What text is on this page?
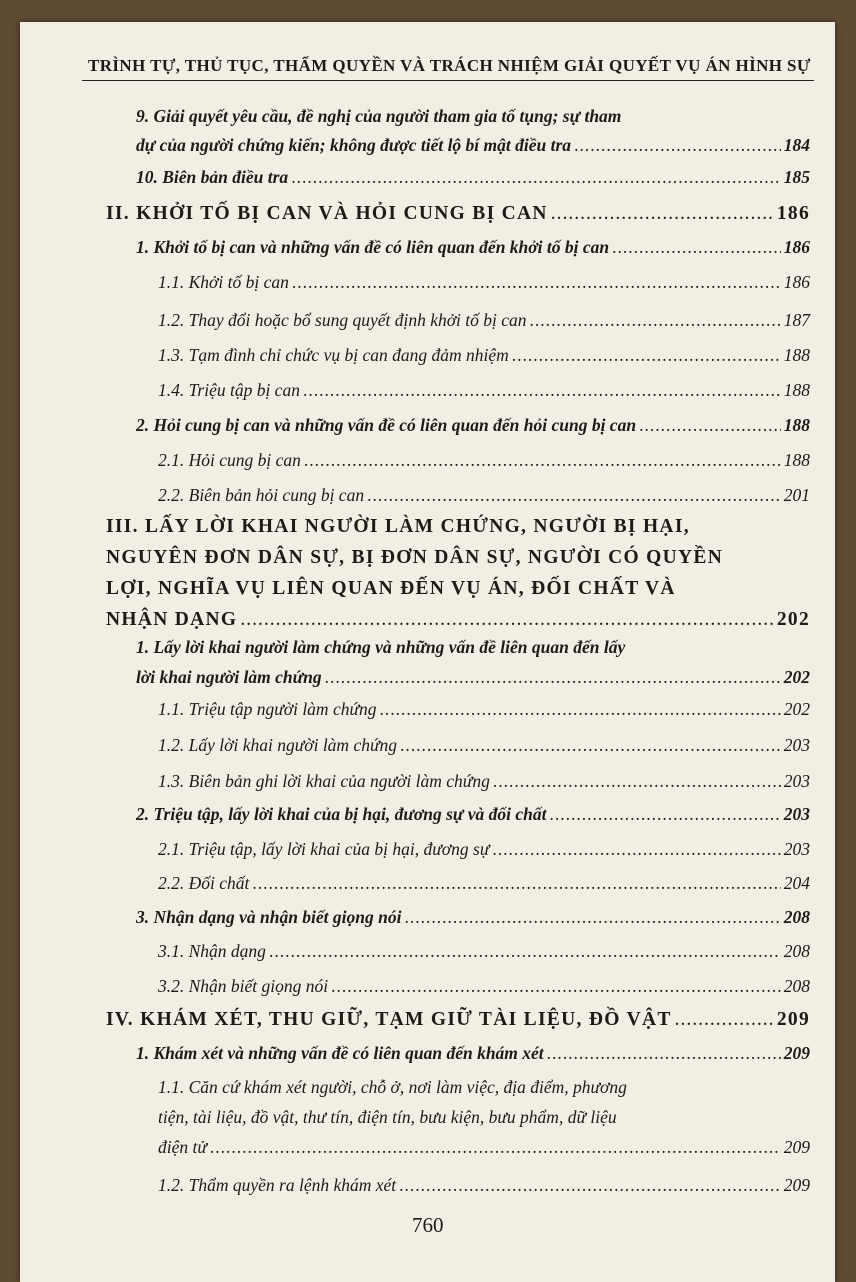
TRÌNH TỰ, THỦ TỤC, THẨM QUYỀN VÀ TRÁCH NHIỆM GIẢI QUYẾT VỤ ÁN HÌNH SỰ
9. Giải quyết yêu cầu, đề nghị của người tham gia tố tụng; sự tham
dự của người chứng kiến; không được tiết lộ bí mật điều tra .....	184
10. Biên bản điều tra .....	185
II. KHỞI TỐ BỊ CAN VÀ HỎI CUNG BỊ CAN .....	186
1. Khởi tố bị can và những vấn đề có liên quan đến khởi tố bị can .....	186
1.1. Khởi tố bị can .....	186
1.2. Thay đổi hoặc bổ sung quyết định khởi tố bị can .....	187
1.3. Tạm đình chỉ chức vụ bị can đang đảm nhiệm .....	188
1.4. Triệu tập bị can .....	188
2. Hỏi cung bị can và những vấn đề có liên quan đến hỏi cung bị can .....	188
2.1. Hỏi cung bị can .....	188
2.2. Biên bản hỏi cung bị can .....	201
III. LẤY LỜI KHAI NGƯỜI LÀM CHỨNG, NGƯỜI BỊ HẠI,
NGUYÊN ĐƠN DÂN SỰ, BỊ ĐƠN DÂN SỰ, NGƯỜI CÓ QUYỀN
LỢI, NGHĨA VỤ LIÊN QUAN ĐẾN VỤ ÁN, ĐỐI CHẤT VÀ
NHẬN DẠNG .....	202
1. Lấy lời khai người làm chứng và những vấn đề liên quan đến lấy
lời khai người làm chứng .....	202
1.1. Triệu tập người làm chứng .....	202
1.2. Lấy lời khai người làm chứng .....	203
1.3. Biên bản ghi lời khai của người làm chứng .....	203
2. Triệu tập, lấy lời khai của bị hại, đương sự và đối chất .....	203
2.1. Triệu tập, lấy lời khai của bị hại, đương sự .....	203
2.2. Đối chất .....	204
3. Nhận dạng và nhận biết giọng nói .....	208
3.1. Nhận dạng .....	208
3.2. Nhận biết giọng nói .....	208
IV. KHÁM XÉT, THU GIỮ, TẠM GIỮ TÀI LIỆU, ĐỒ VẬT .....	209
1. Khám xét và những vấn đề có liên quan đến khám xét .....	209
1.1. Căn cứ khám xét người, chỗ ở, nơi làm việc, địa điểm, phương
tiện, tài liệu, đồ vật, thư tín, điện tín, bưu kiện, bưu phẩm, dữ liệu
điện tử .....	209
1.2. Thẩm quyền ra lệnh khám xét .....	209
760
